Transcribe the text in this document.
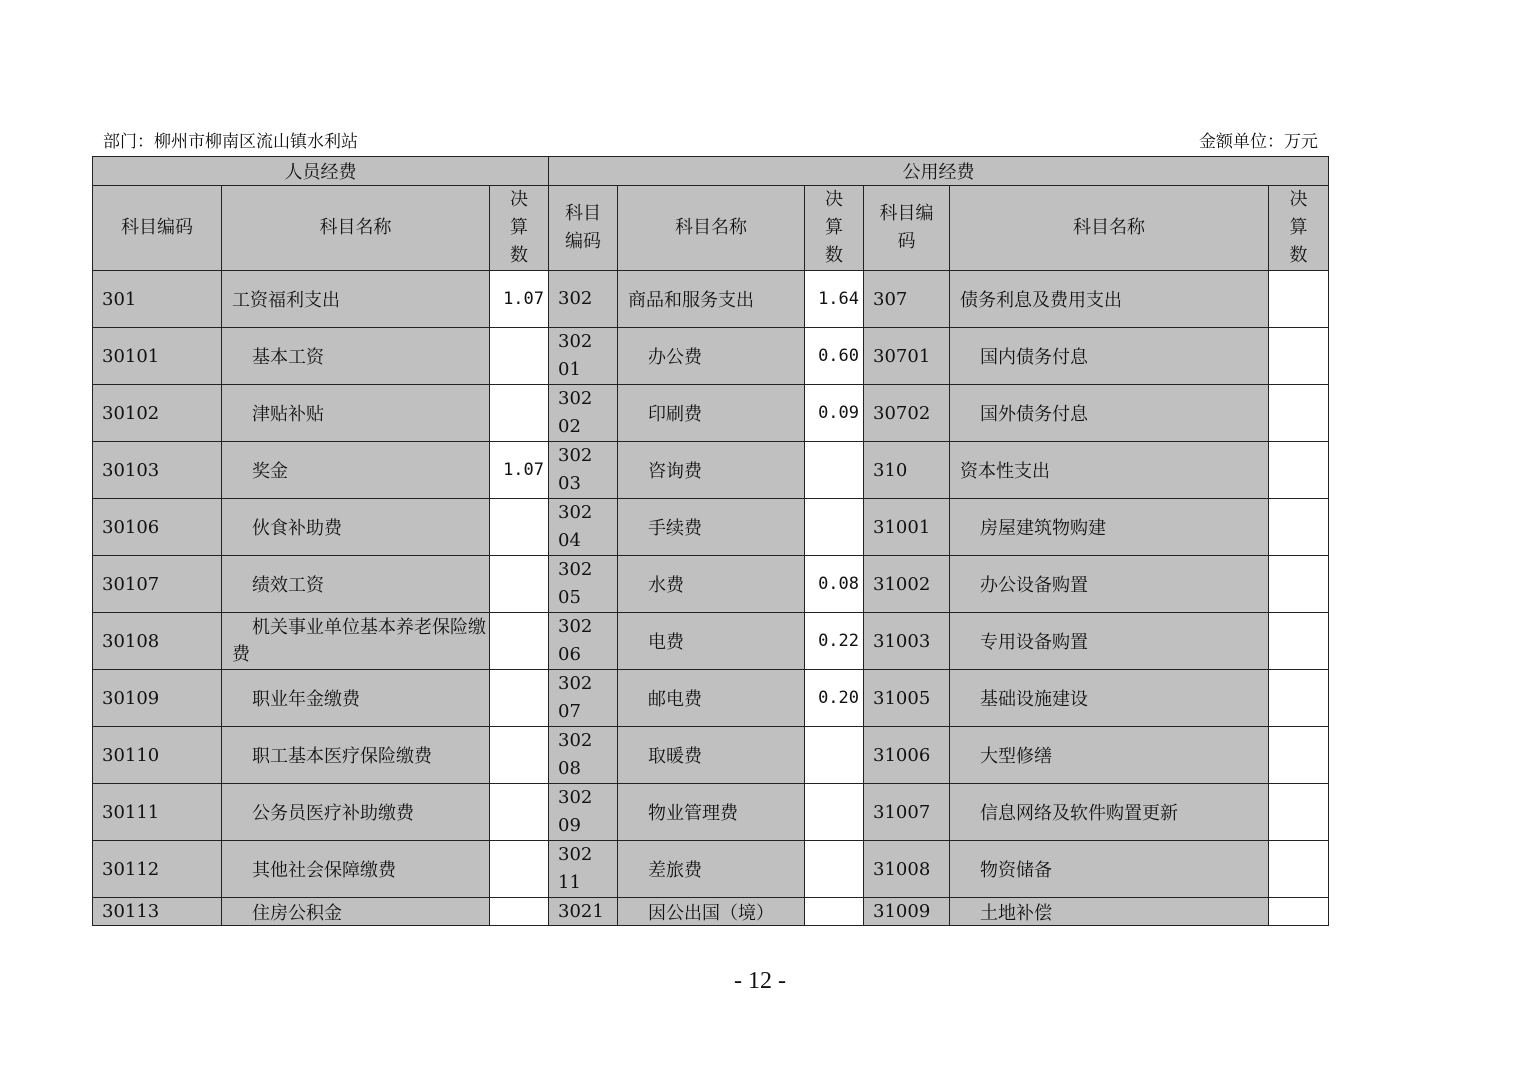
部门：柳州市柳南区流山镇水利站	金额单位：万元
人员经费			公用经费					
科目编码	科目名称	决算数	科目编码	科目名称	决算数	科目编码	科目名称	决算数

301	工资福利支出	1.07	302	商品和服务支出	1.64	307	债务利息及费用支出	

30101	基本工资		30201	办公费	0.60	30701	国内债务付息	

30102	津贴补贴		30202	印刷费	0.09	30702	国外债务付息	

30103	奖金	1.07	30203	咨询费		310	资本性支出	

30106	伙食补助费		30204	手续费		31001	房屋建筑物购建	

30107	绩效工资		30205	水费	0.08	31002	办公设备购置	

30108	机关事业单位基本养老保险缴费		30206	电费	0.22	31003	专用设备购置	

30109	职业年金缴费		30207	邮电费	0.20	31005	基础设施建设	

30110	职工基本医疗保险缴费		30208	取暖费		31006	大型修缮	

30111	公务员医疗补助缴费		30209	物业管理费		31007	信息网络及软件购置更新	

30112	其他社会保障缴费		30211	差旅费		31008	物资储备	

30113	住房公积金		3021	因公出国（境）		31009	土地补偿	
- 12 -
